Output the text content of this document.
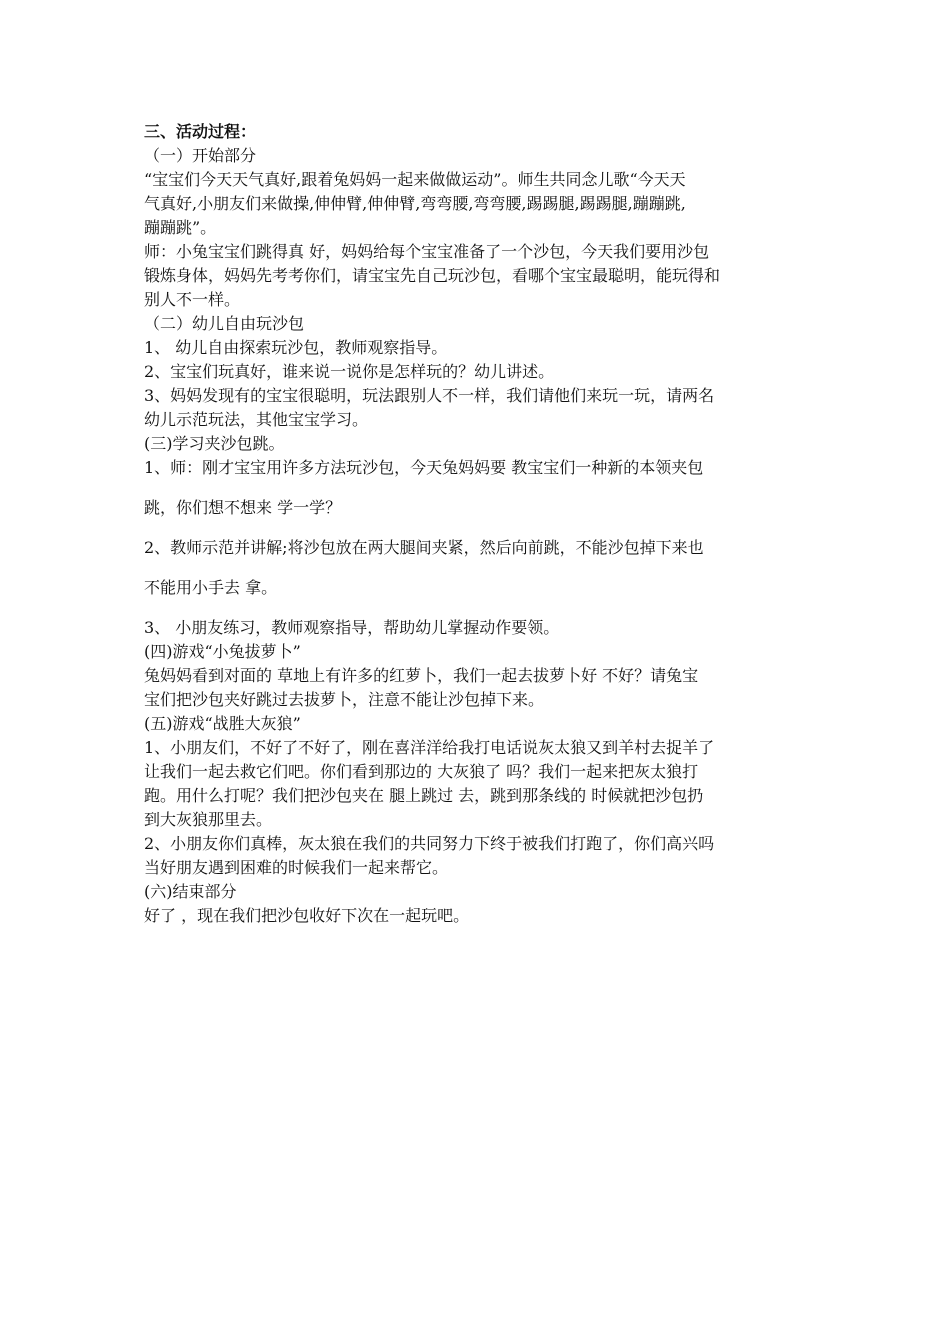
三、活动过程：
（一）开始部分
“宝宝们今天天气真好,跟着兔妈妈一起来做做运动”。师生共同念儿歌“今天天
气真好,小朋友们来做操,伸伸臂,伸伸臂,弯弯腰,弯弯腰,踢踢腿,踢踢腿,蹦蹦跳,
蹦蹦跳”。
师：小兔宝宝们跳得真 好，妈妈给每个宝宝准备了一个沙包，今天我们要用沙包
锻炼身体，妈妈先考考你们，请宝宝先自己玩沙包，看哪个宝宝最聪明，能玩得和
别人不一样。
（二）幼儿自由玩沙包
1、 幼儿自由探索玩沙包，教师观察指导。
2、宝宝们玩真好，谁来说一说你是怎样玩的？幼儿讲述。
3、妈妈发现有的宝宝很聪明，玩法跟别人不一样，我们请他们来玩一玩，请两名
幼儿示范玩法，其他宝宝学习。
(三)学习夹沙包跳。
1、师：刚才宝宝用许多方法玩沙包，今天兔妈妈要 教宝宝们一种新的本领夹包
跳，你们想不想来 学一学？
2、教师示范并讲解;将沙包放在两大腿间夹紧，然后向前跳，不能沙包掉下来也
不能用小手去 拿。
3、 小朋友练习，教师观察指导，帮助幼儿掌握动作要领。
(四)游戏“小兔拔萝卜”
兔妈妈看到对面的 草地上有许多的红萝卜，我们一起去拔萝卜好 不好？请兔宝
宝们把沙包夹好跳过去拔萝卜，注意不能让沙包掉下来。
(五)游戏“战胜大灰狼”
1、小朋友们，不好了不好了，刚在喜洋洋给我打电话说灰太狼又到羊村去捉羊了
让我们一起去救它们吧。你们看到那边的 大灰狼了 吗？我们一起来把灰太狼打
跑。用什么打呢？我们把沙包夹在 腿上跳过 去，跳到那条线的 时候就把沙包扔
到大灰狼那里去。
2、小朋友你们真棒，灰太狼在我们的共同努力下终于被我们打跑了，你们高兴吗
当好朋友遇到困难的时候我们一起来帮它。
(六)结束部分
好了 ，现在我们把沙包收好下次在一起玩吧。
